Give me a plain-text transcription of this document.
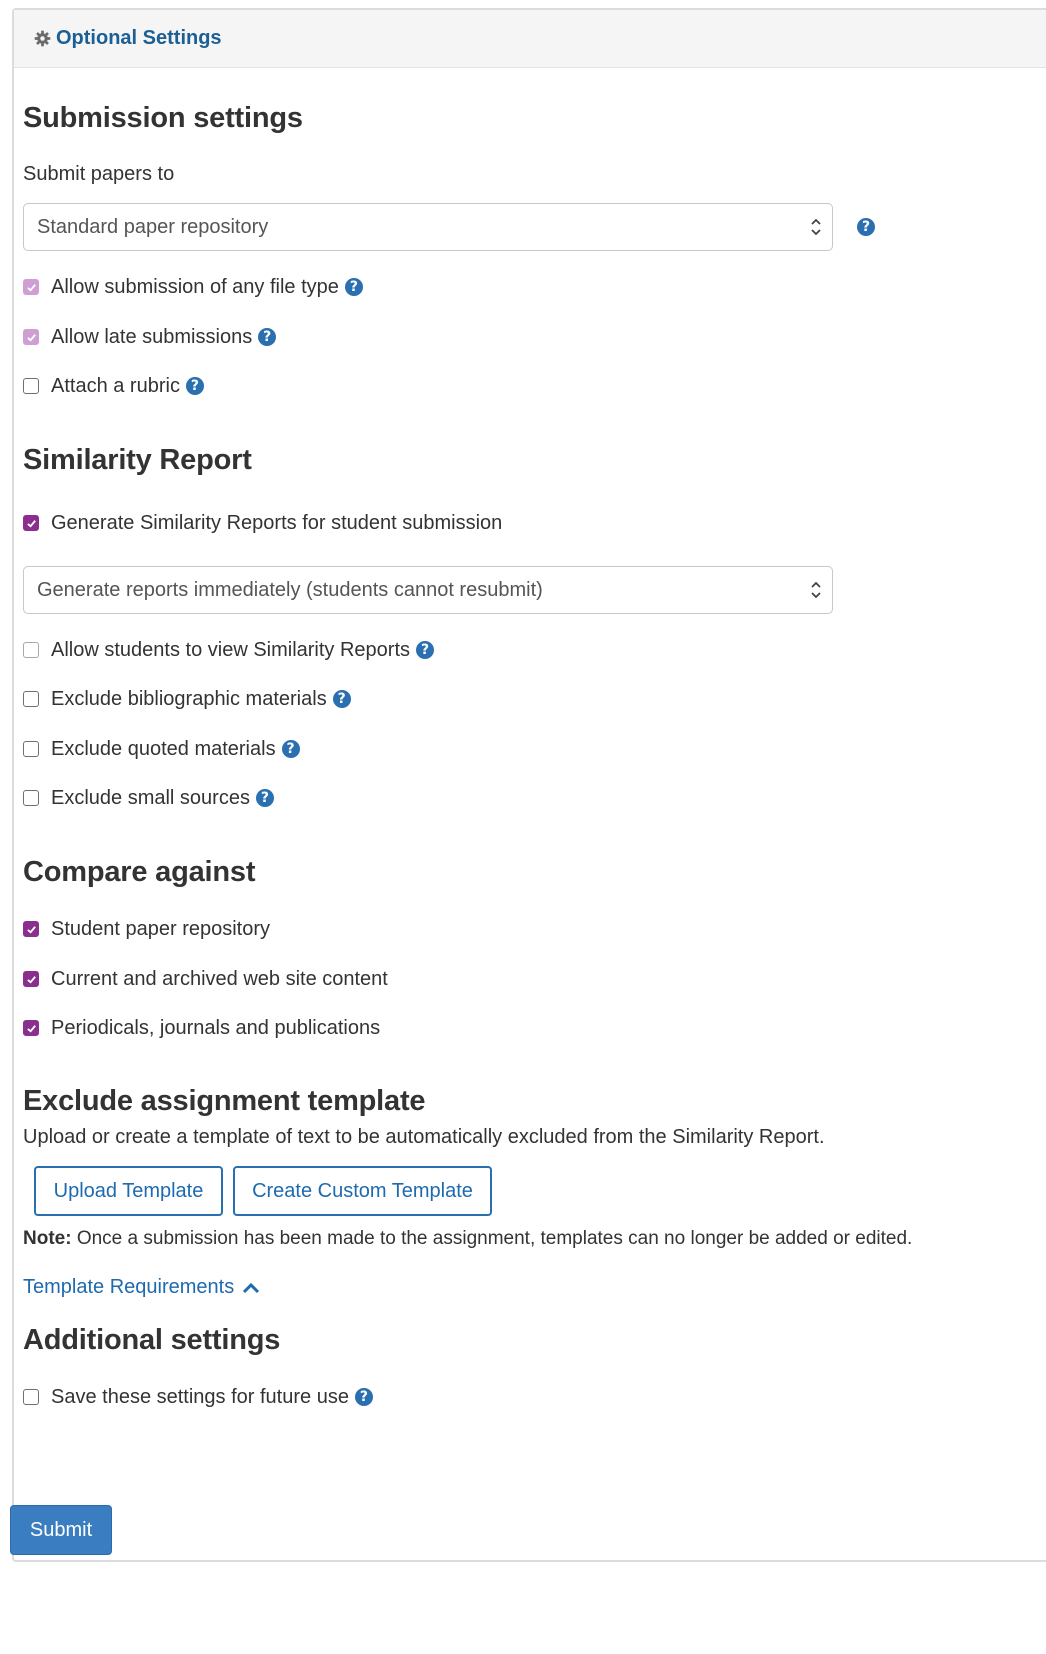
Optional Settings
Submission settings
Submit papers to
Standard paper repository	?
Allow submission of any file type ?
Allow late submissions ?
Attach a rubric ?
Similarity Report
Generate Similarity Reports for student submission
Generate reports immediately (students cannot resubmit)
Allow students to view Similarity Reports ?
Exclude bibliographic materials ?
Exclude quoted materials ?
Exclude small sources ?
Compare against
Student paper repository
Current and archived web site content
Periodicals, journals and publications
Exclude assignment template
Upload or create a template of text to be automatically excluded from the Similarity Report.
Upload Template	Create Custom Template
Note: Once a submission has been made to the assignment, templates can no longer be added or edited.
Template Requirements
Additional settings
Save these settings for future use ?
Submit
